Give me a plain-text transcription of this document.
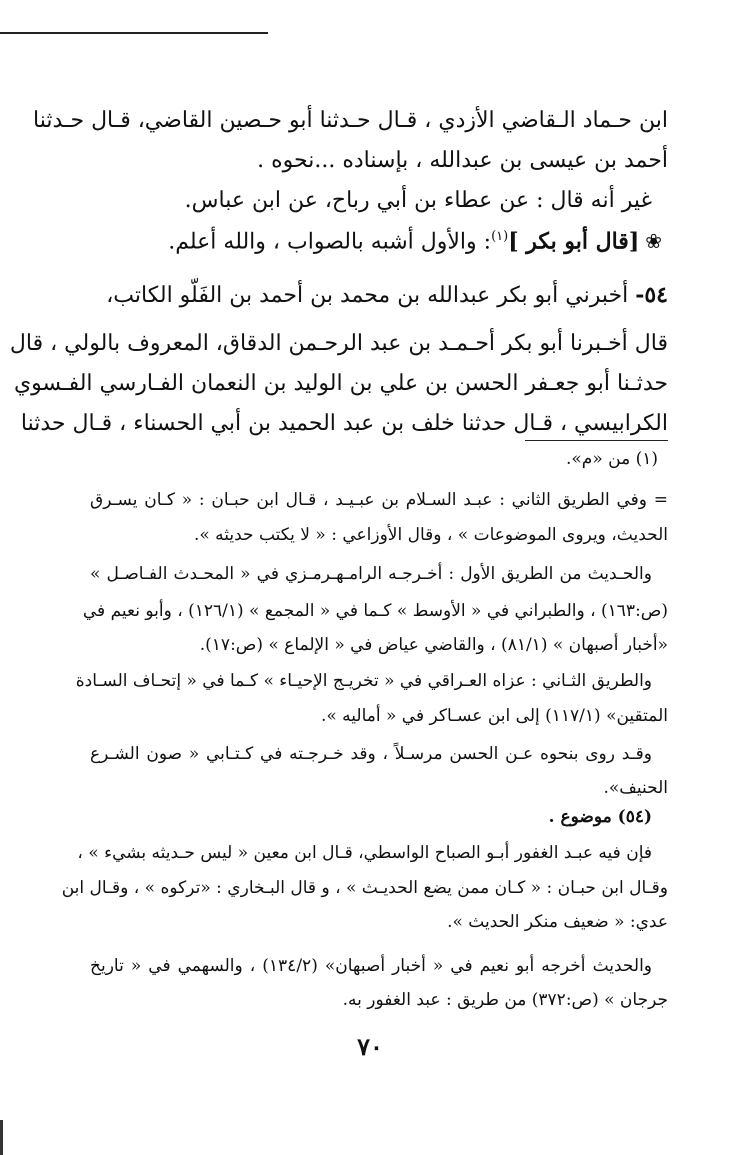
ابن حـماد الـقاضي الأزدي ، قـال حـدثنا أبو حـصين القاضي، قـال حـدثنا
أحمد بن عيسى بن عبدالله ، بإسناده ...نحوه .
غير أنه قال : عن عطاء بن أبي رباح، عن ابن عباس.
❀[قال أبو بكر ]$^{(١)}$: والأول أشبه بالصواب ، والله أعلم.
٥٤- أخبرني أبو بكر عبدالله بن محمد بن أحمد بن الفَلّو الكاتب،
قال أخـبرنا أبو بكر أحـمـد بن عبد الرحـمن الدقاق، المعروف بالولي ، قال
حدثـنا أبو جعـفر الحسن بن علي بن الوليد بن النعمان الفـارسي الفـسوي
الكرابيسي ، قـال حدثنا خلف بن عبد الحميد بن أبي الحسناء ، قـال حدثنا
(١) من «م».
= وفي الطريق الثاني : عبـد السـلام بن عبـيـد ، قـال ابن حبـان : « كـان يسـرق
الحديث، ويروى الموضوعات » ، وقال الأوزاعي : « لا يكتب حديثه ».
والحـديث من الطريق الأول : أخـرجـه الرامـهـرمـزي في « المحـدث الفـاصـل »
(ص:١٦٣) ، والطبراني في « الأوسط » كـما في « المجمع » (١٢٦/١) ، وأبو نعيم في
«أخبار أصبهان » (٨١/١) ، والقاضي عياض في « الإلماع » (ص:١٧).
والطريق الثـاني : عزاه العـراقي في « تخريـج الإحيـاء » كـما في « إتحـاف السـادة
المتقين» (١١٧/١) إلى ابن عسـاكر في « أماليه ».
وقـد روى بنحوه عـن الحسن مرسـلاً ، وقد خـرجـته في كـتـابي « صون الشـرع
الحنيف».
(٥٤) موضوع .
فإن فيه عبـد الغفور أبـو الصباح الواسطي، قـال ابن معين « ليس حـديثه بشيء » ،
وقـال ابن حبـان : « كـان ممن يضع الحديـث » ، و قال البـخاري : «تركوه » ، وقـال ابن
عدي: « ضعيف منكر الحديث ».
والحديث أخرجه أبو نعيم في « أخبار أصبهان» (١٣٤/٢) ، والسهمي في « تاريخ
جرجان » (ص:٣٧٢) من طريق : عبد الغفور به.
٧٠
